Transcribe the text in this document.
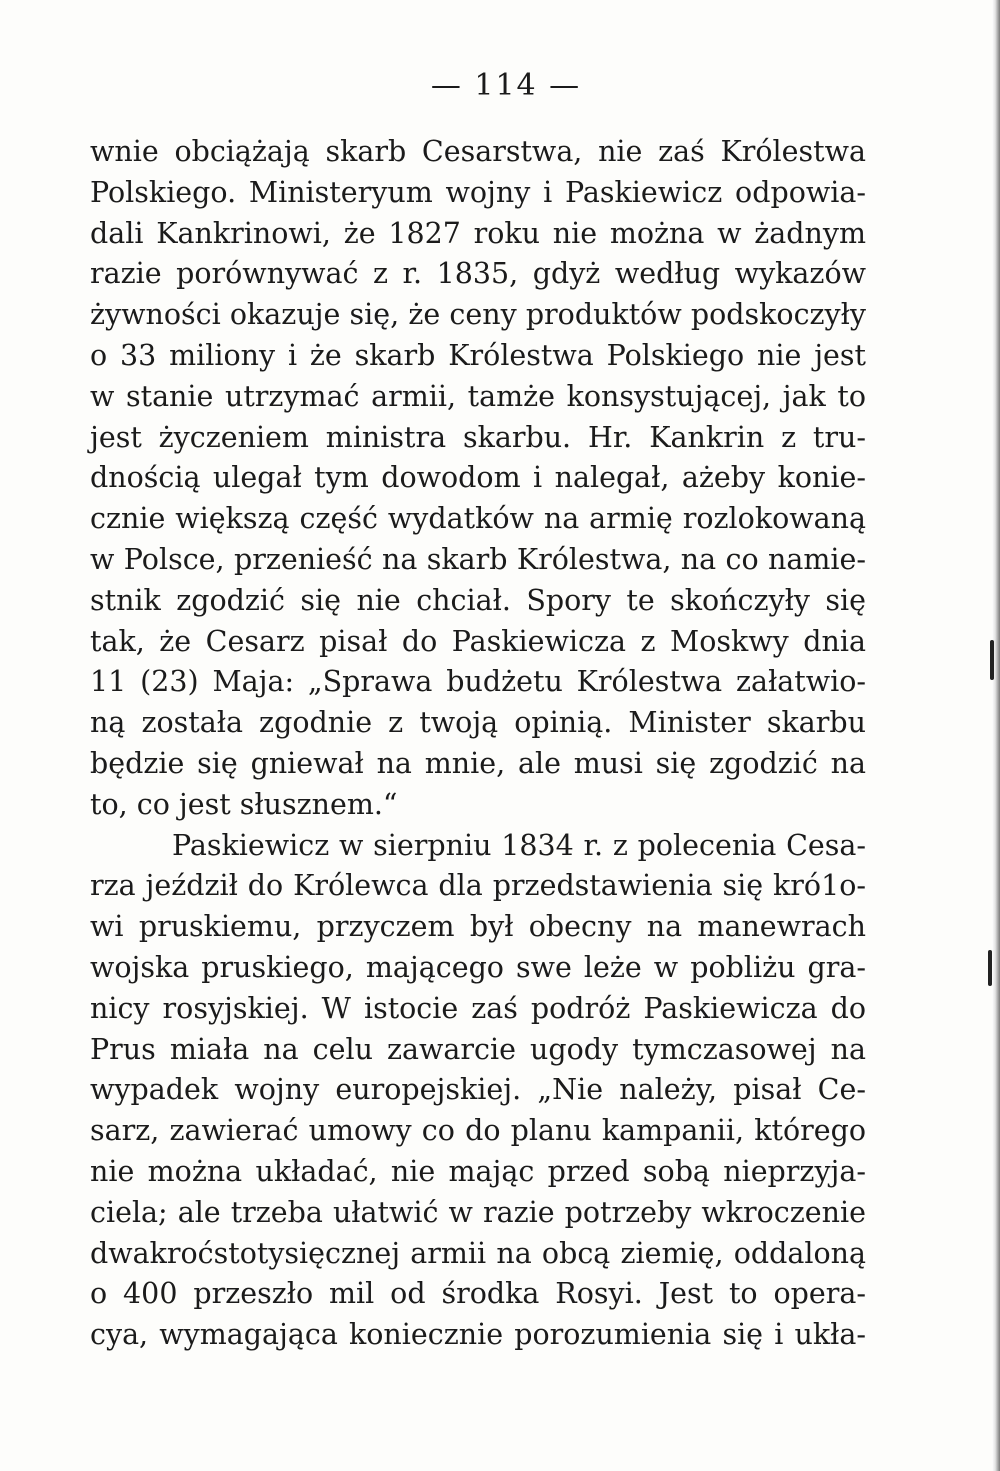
— 114 —
wnie obciążają skarb Cesarstwa, nie zaś Królestwa
Polskiego. Ministeryum wojny i Paskiewicz odpowia-
dali Kankrinowi, że 1827 roku nie można w żadnym
razie porównywać z r. 1835, gdyż według wykazów
żywności okazuje się, że ceny produktów podskoczyły
o 33 miliony i że skarb Królestwa Polskiego nie jest
w stanie utrzymać armii, tamże konsystującej, jak to
jest życzeniem ministra skarbu. Hr. Kankrin z tru-
dnością ulegał tym dowodom i nalegał, ażeby konie-
cznie większą część wydatków na armię rozlokowaną
w Polsce, przenieść na skarb Królestwa, na co namie-
stnik zgodzić się nie chciał. Spory te skończyły się
tak, że Cesarz pisał do Paskiewicza z Moskwy dnia
11 (23) Maja: „Sprawa budżetu Królestwa załatwio-
ną została zgodnie z twoją opinią. Minister skarbu
będzie się gniewał na mnie, ale musi się zgodzić na
to, co jest słusznem.“
Paskiewicz w sierpniu 1834 r. z polecenia Cesa-
rza jeździł do Królewca dla przedstawienia się kró1o-
wi pruskiemu, przyczem był obecny na manewrach
wojska pruskiego, mającego swe leże w pobliżu gra-
nicy rosyjskiej. W istocie zaś podróż Paskiewicza do
Prus miała na celu zawarcie ugody tymczasowej na
wypadek wojny europejskiej. „Nie należy, pisał Ce-
sarz, zawierać umowy co do planu kampanii, którego
nie można układać, nie mając przed sobą nieprzyja-
ciela; ale trzeba ułatwić w razie potrzeby wkroczenie
dwakroćstotysięcznej armii na obcą ziemię, oddaloną
o 400 przeszło mil od środka Rosyi. Jest to opera-
cya, wymagająca koniecznie porozumienia się i ukła-
